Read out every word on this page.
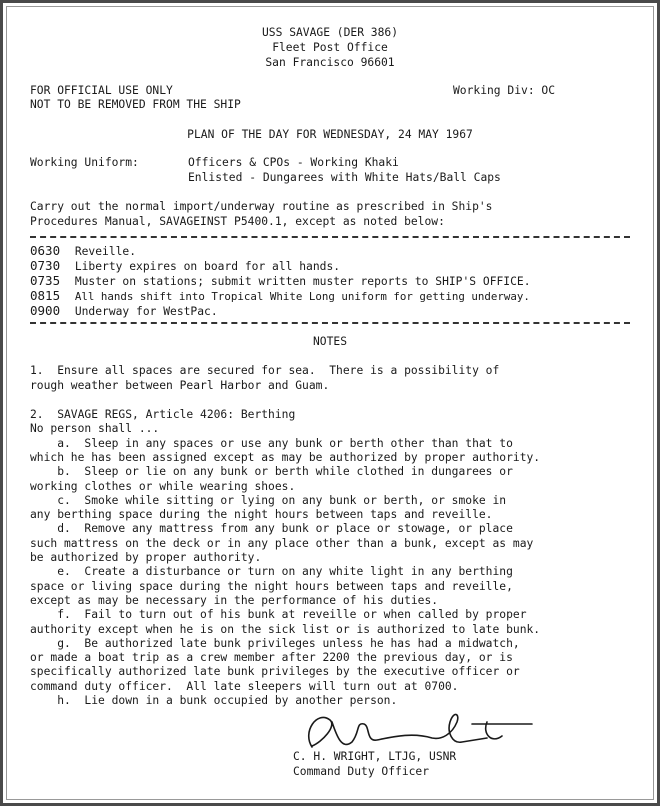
USS SAVAGE (DER 386)
Fleet Post Office
San Francisco 96601
FOR OFFICIAL USE ONLY	Working Div: OC
NOT TO BE REMOVED FROM THE SHIP
PLAN OF THE DAY FOR WEDNESDAY, 24 MAY 1967
Working Uniform:	Officers & CPOs - Working Khaki
Enlisted - Dungarees with White Hats/Ball Caps
Carry out the normal import/underway routine as prescribed in Ship's
Procedures Manual, SAVAGEINST P5400.1, except as noted below:
0630 Reveille.
0730 Liberty expires on board for all hands.
0735 Muster on stations; submit written muster reports to SHIP'S OFFICE.
0815 All hands shift into Tropical White Long uniform for getting underway.
0900 Underway for WestPac.
NOTES
1.  Ensure all spaces are secured for sea.  There is a possibility of
rough weather between Pearl Harbor and Guam.
2.  SAVAGE REGS, Article 4206: Berthing
No person shall ...
a.  Sleep in any spaces or use any bunk or berth other than that to
which he has been assigned except as may be authorized by proper authority.
b.  Sleep or lie on any bunk or berth while clothed in dungarees or
working clothes or while wearing shoes.
c.  Smoke while sitting or lying on any bunk or berth, or smoke in
any berthing space during the night hours between taps and reveille.
d.  Remove any mattress from any bunk or place or stowage, or place
such mattress on the deck or in any place other than a bunk, except as may
be authorized by proper authority.
e.  Create a disturbance or turn on any white light in any berthing
space or living space during the night hours between taps and reveille,
except as may be necessary in the performance of his duties.
f.  Fail to turn out of his bunk at reveille or when called by proper
authority except when he is on the sick list or is authorized to late bunk.
g.  Be authorized late bunk privileges unless he has had a midwatch,
or made a boat trip as a crew member after 2200 the previous day, or is
specifically authorized late bunk privileges by the executive officer or
command duty officer.  All late sleepers will turn out at 0700.
h.  Lie down in a bunk occupied by another person.
C. H. WRIGHT, LTJG, USNR
Command Duty Officer
